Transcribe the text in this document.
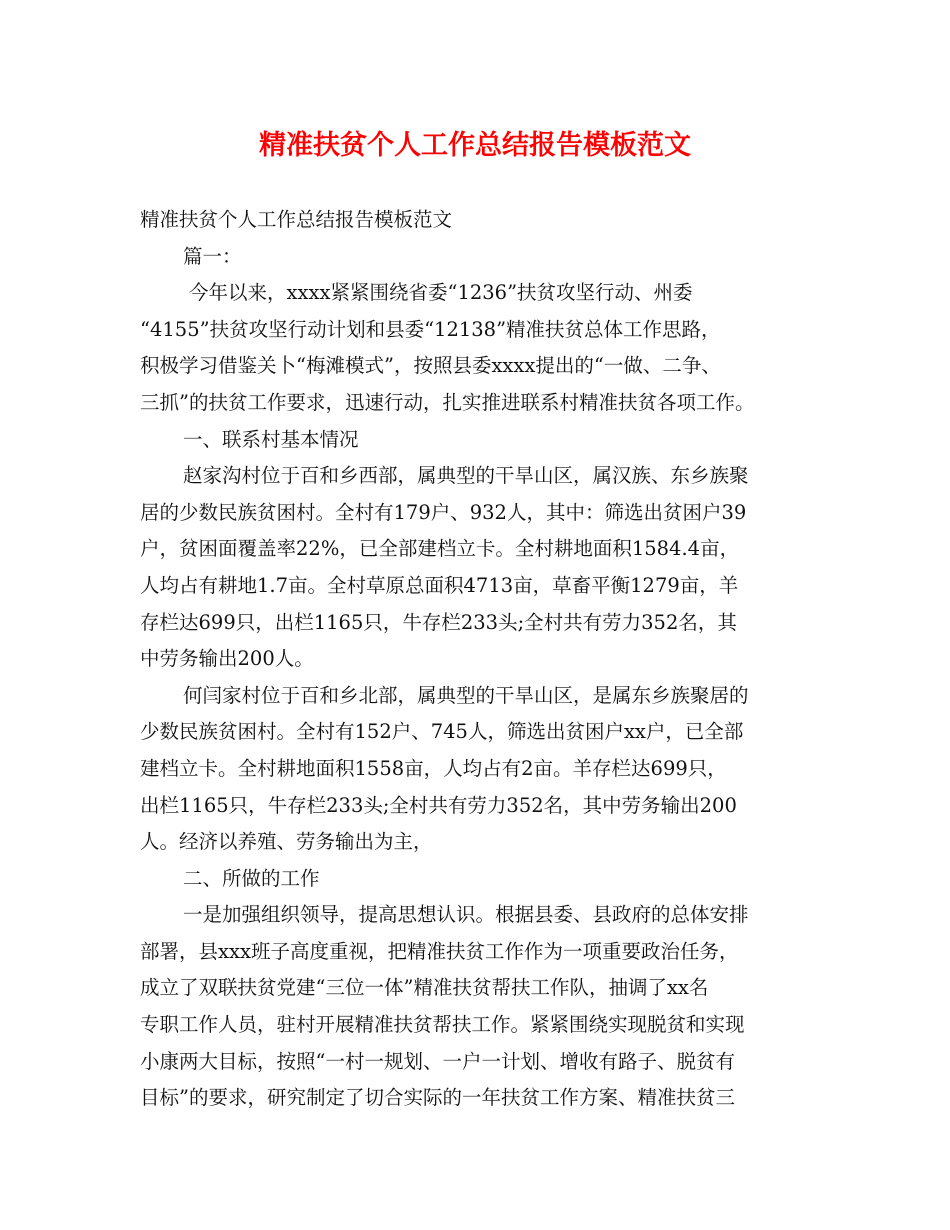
精准扶贫个人工作总结报告模板范文

精准扶贫个人工作总结报告模板范文

篇一：

今年以来，xxxx紧紧围绕省委“1236”扶贫攻坚行动、州委

“4155”扶贫攻坚行动计划和县委“12138”精准扶贫总体工作思路，

积极学习借鉴关卜“梅滩模式”，按照县委xxxx提出的“一做、二争、

三抓”的扶贫工作要求，迅速行动，扎实推进联系村精准扶贫各项工作。

一、联系村基本情况

赵家沟村位于百和乡西部，属典型的干旱山区，属汉族、东乡族聚

居的少数民族贫困村。全村有179户、932人，其中：筛选出贫困户39

户，贫困面覆盖率22%，已全部建档立卡。全村耕地面积1584.4亩，

人均占有耕地1.7亩。全村草原总面积4713亩，草畜平衡1279亩，羊

存栏达699只，出栏1165只，牛存栏233头;全村共有劳力352名，其

中劳务输出200人。

何闫家村位于百和乡北部，属典型的干旱山区，是属东乡族聚居的

少数民族贫困村。全村有152户、745人，筛选出贫困户xx户，已全部

建档立卡。全村耕地面积1558亩，人均占有2亩。羊存栏达699只，

出栏1165只，牛存栏233头;全村共有劳力352名，其中劳务输出200

人。经济以养殖、劳务输出为主，

二、所做的工作

一是加强组织领导，提高思想认识。根据县委、县政府的总体安排

部署，县xxx班子高度重视，把精准扶贫工作作为一项重要政治任务，

成立了双联扶贫党建“三位一体”精准扶贫帮扶工作队，抽调了xx名

专职工作人员，驻村开展精准扶贫帮扶工作。紧紧围绕实现脱贫和实现

小康两大目标，按照“一村一规划、一户一计划、增收有路子、脱贫有

目标”的要求，研究制定了切合实际的一年扶贫工作方案、精准扶贫三
